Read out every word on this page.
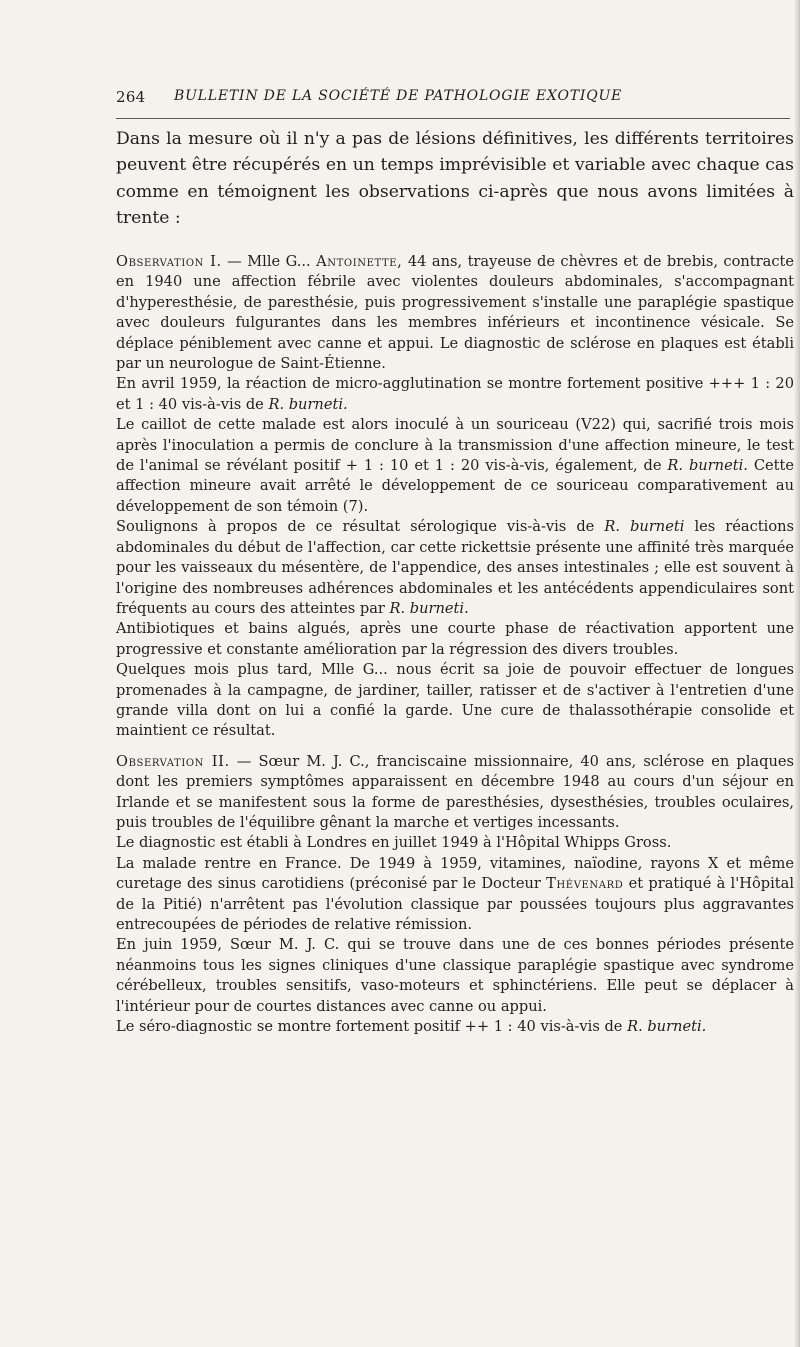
264 BULLETIN DE LA SOCIÉTÉ DE PATHOLOGIE EXOTIQUE

Dans la mesure où il n'y a pas de lésions définitives, les différents territoires peuvent être récupérés en un temps imprévisible et variable avec chaque cas comme en témoignent les observations ci-après que nous avons limitées à trente :

Observation I. — Mlle G... Antoinette, 44 ans, trayeuse de chèvres et de brebis, contracte en 1940 une affection fébrile avec violentes douleurs abdominales, s'accompagnant d'hyperesthésie, de paresthésie, puis progressivement s'installe une paraplégie spastique avec douleurs fulgurantes dans les membres inférieurs et incontinence vésicale. Se déplace péniblement avec canne et appui. Le diagnostic de sclérose en plaques est établi par un neurologue de Saint-Étienne.

En avril 1959, la réaction de micro-agglutination se montre fortement positive +++ 1 : 20 et 1 : 40 vis-à-vis de R. burneti.

Le caillot de cette malade est alors inoculé à un souriceau (V22) qui, sacrifié trois mois après l'inoculation a permis de conclure à la transmission d'une affection mineure, le test de l'animal se révélant positif + 1 : 10 et 1 : 20 vis-à-vis, également, de R. burneti. Cette affection mineure avait arrêté le développement de ce souriceau comparativement au développement de son témoin (7).

Soulignons à propos de ce résultat sérologique vis-à-vis de R. burneti les réactions abdominales du début de l'affection, car cette rickettsie présente une affinité très marquée pour les vaisseaux du mésentère, de l'appendice, des anses intestinales ; elle est souvent à l'origine des nombreuses adhérences abdominales et les antécédents appendiculaires sont fréquents au cours des atteintes par R. burneti.

Antibiotiques et bains algués, après une courte phase de réactivation apportent une progressive et constante amélioration par la régression des divers troubles.

Quelques mois plus tard, Mlle G... nous écrit sa joie de pouvoir effectuer de longues promenades à la campagne, de jardiner, tailler, ratisser et de s'activer à l'entretien d'une grande villa dont on lui a confié la garde. Une cure de thalassothérapie consolide et maintient ce résultat.

Observation II. — Sœur M. J. C., franciscaine missionnaire, 40 ans, sclérose en plaques dont les premiers symptômes apparaissent en décembre 1948 au cours d'un séjour en Irlande et se manifestent sous la forme de paresthésies, dysesthésies, troubles oculaires, puis troubles de l'équilibre gênant la marche et vertiges incessants.

Le diagnostic est établi à Londres en juillet 1949 à l'Hôpital Whipps Gross.

La malade rentre en France. De 1949 à 1959, vitamines, naïodine, rayons X et même curetage des sinus carotidiens (préconisé par le Docteur Thévenard et pratiqué à l'Hôpital de la Pitié) n'arrêtent pas l'évolution classique par poussées toujours plus aggravantes entrecoupées de périodes de relative rémission.

En juin 1959, Sœur M. J. C. qui se trouve dans une de ces bonnes périodes présente néanmoins tous les signes cliniques d'une classique paraplégie spastique avec syndrome cérébelleux, troubles sensitifs, vaso-moteurs et sphinctériens. Elle peut se déplacer à l'intérieur pour de courtes distances avec canne ou appui.

Le séro-diagnostic se montre fortement positif ++ 1 : 40 vis-à-vis de R. burneti.
